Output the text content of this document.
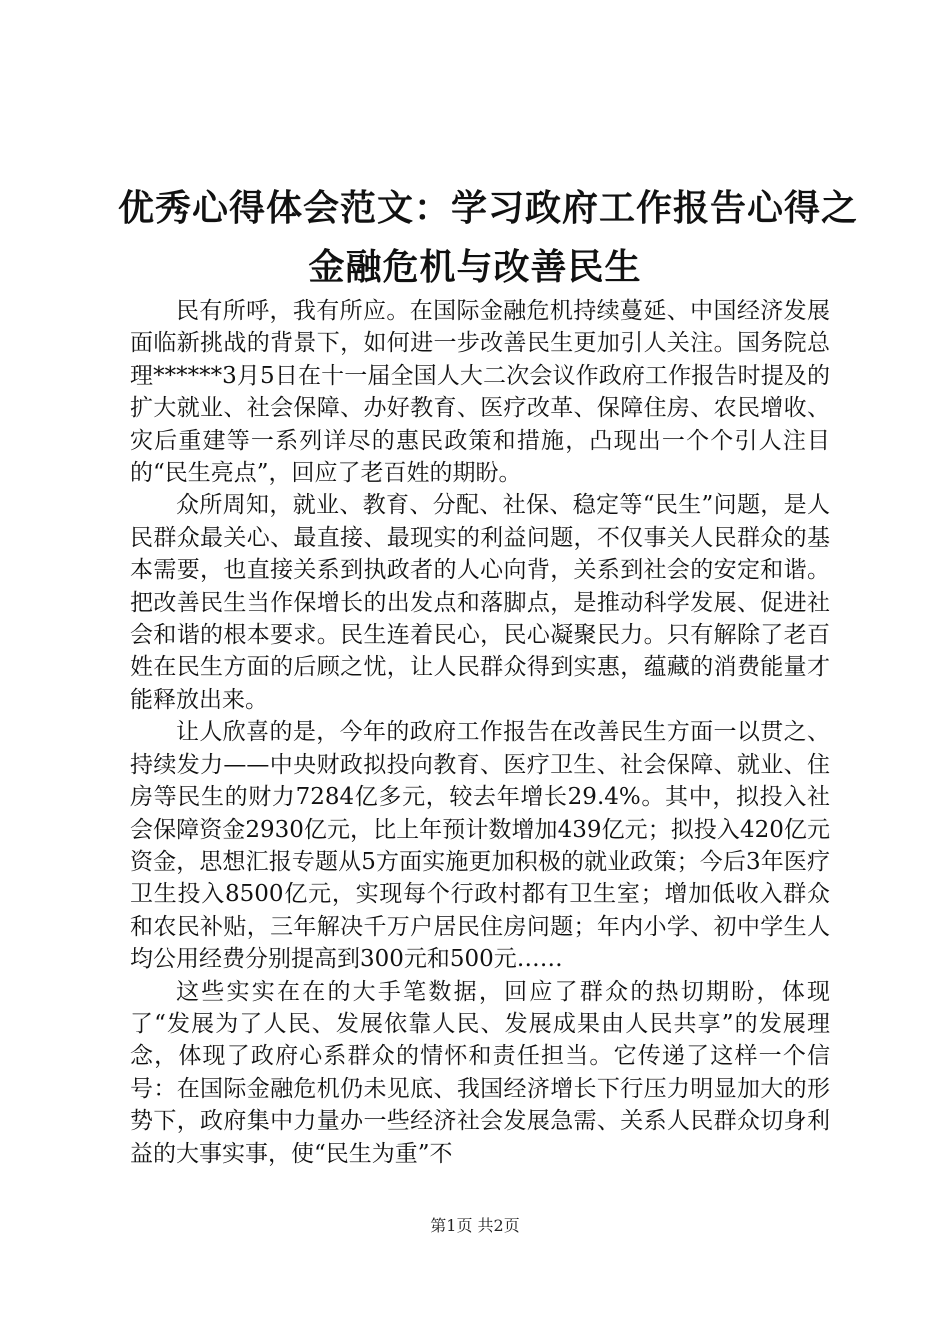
优秀心得体会范文：学习政府工作报告心得之
金融危机与改善民生

民有所呼，我有所应。在国际金融危机持续蔓延、中国经济发展面临新挑战的背景下，如何进一步改善民生更加引人关注。国务院总理******3月5日在十一届全国人大二次会议作政府工作报告时提及的扩大就业、社会保障、办好教育、医疗改革、保障住房、农民增收、灾后重建等一系列详尽的惠民政策和措施，凸现出一个个引人注目的“民生亮点”，回应了老百姓的期盼。

众所周知，就业、教育、分配、社保、稳定等“民生”问题，是人民群众最关心、最直接、最现实的利益问题，不仅事关人民群众的基本需要，也直接关系到执政者的人心向背，关系到社会的安定和谐。把改善民生当作保增长的出发点和落脚点，是推动科学发展、促进社会和谐的根本要求。民生连着民心，民心凝聚民力。只有解除了老百姓在民生方面的后顾之忧，让人民群众得到实惠，蕴藏的消费能量才能释放出来。

让人欣喜的是，今年的政府工作报告在改善民生方面一以贯之、持续发力——中央财政拟投向教育、医疗卫生、社会保障、就业、住房等民生的财力7284亿多元，较去年增长29.4%。其中，拟投入社会保障资金2930亿元，比上年预计数增加439亿元；拟投入420亿元资金，思想汇报专题从5方面实施更加积极的就业政策；今后3年医疗卫生投入8500亿元，实现每个行政村都有卫生室；增加低收入群众和农民补贴，三年解决千万户居民住房问题；年内小学、初中学生人均公用经费分别提高到300元和500元……

这些实实在在的大手笔数据，回应了群众的热切期盼，体现了“发展为了人民、发展依靠人民、发展成果由人民共享”的发展理念，体现了政府心系群众的情怀和责任担当。它传递了这样一个信号：在国际金融危机仍未见底、我国经济增长下行压力明显加大的形势下，政府集中力量办一些经济社会发展急需、关系人民群众切身利益的大事实事，使“民生为重”不

第1页 共2页
